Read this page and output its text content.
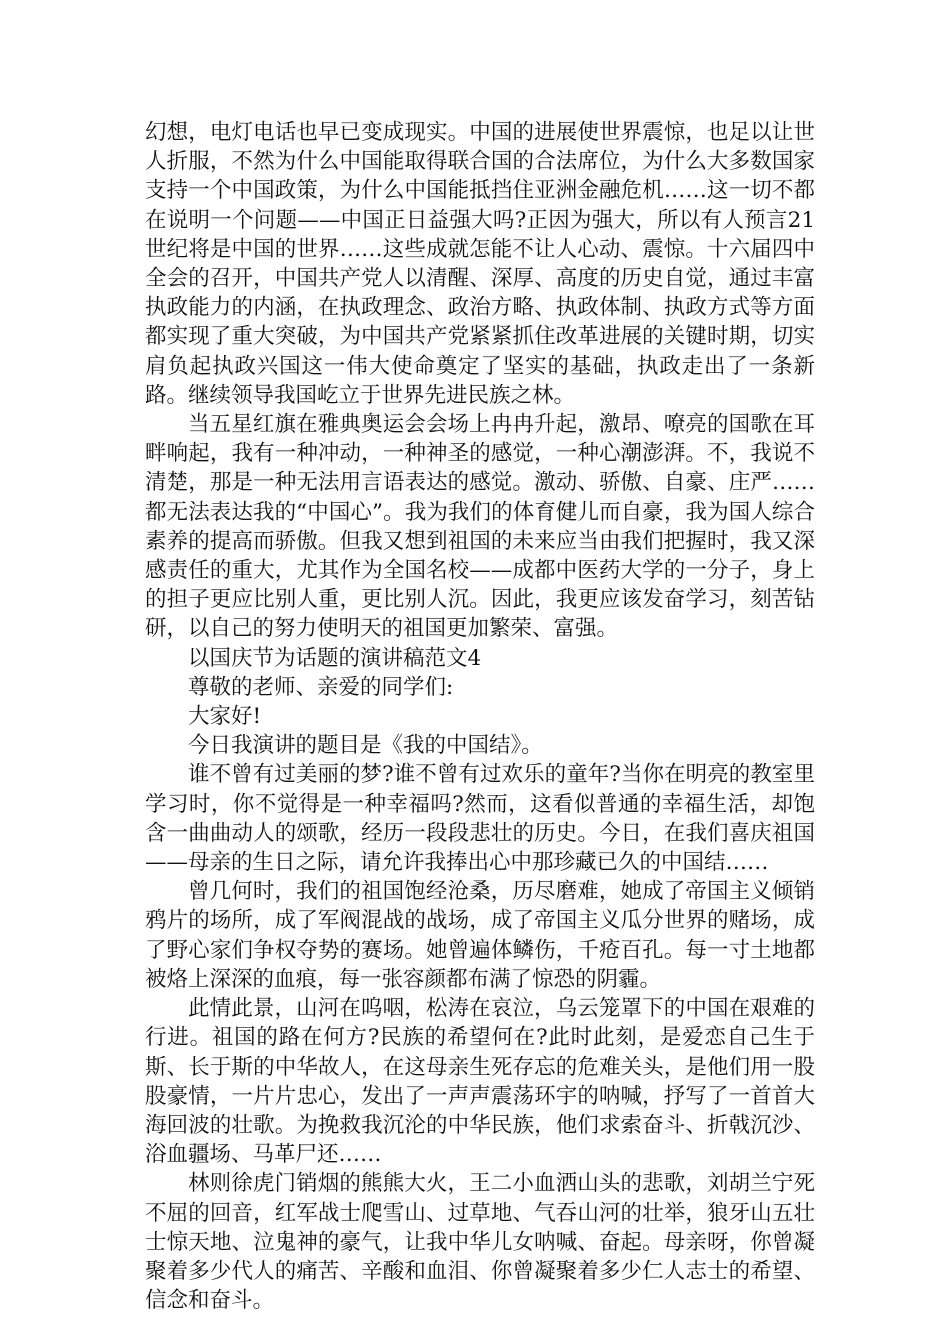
幻想，电灯电话也早已变成现实。中国的进展使世界震惊，也足以让世人折服，不然为什么中国能取得联合国的合法席位，为什么大多数国家支持一个中国政策，为什么中国能抵挡住亚洲金融危机……这一切不都在说明一个问题——中国正日益强大吗?正因为强大，所以有人预言21世纪将是中国的世界……这些成就怎能不让人心动、震惊。十六届四中全会的召开，中国共产党人以清醒、深厚、高度的历史自觉，通过丰富执政能力的内涵，在执政理念、政治方略、执政体制、执政方式等方面都实现了重大突破，为中国共产党紧紧抓住改革进展的关键时期，切实肩负起执政兴国这一伟大使命奠定了坚实的基础，执政走出了一条新路。继续领导我国屹立于世界先进民族之林。

当五星红旗在雅典奥运会会场上冉冉升起，激昂、嘹亮的国歌在耳畔响起，我有一种冲动，一种神圣的感觉，一种心潮澎湃。不，我说不清楚，那是一种无法用言语表达的感觉。激动、骄傲、自豪、庄严……都无法表达我的“中国心”。我为我们的体育健儿而自豪，我为国人综合素养的提高而骄傲。但我又想到祖国的未来应当由我们把握时，我又深感责任的重大，尤其作为全国名校——成都中医药大学的一分子，身上的担子更应比别人重，更比别人沉。因此，我更应该发奋学习，刻苦钻研，以自己的努力使明天的祖国更加繁荣、富强。

以国庆节为话题的演讲稿范文4

尊敬的老师、亲爱的同学们:

大家好!

今日我演讲的题目是《我的中国结》。

谁不曾有过美丽的梦?谁不曾有过欢乐的童年?当你在明亮的教室里学习时，你不觉得是一种幸福吗?然而，这看似普通的幸福生活，却饱含一曲曲动人的颂歌，经历一段段悲壮的历史。今日，在我们喜庆祖国——母亲的生日之际，请允许我捧出心中那珍藏已久的中国结……

曾几何时，我们的祖国饱经沧桑，历尽磨难，她成了帝国主义倾销鸦片的场所，成了军阀混战的战场，成了帝国主义瓜分世界的赌场，成了野心家们争权夺势的赛场。她曾遍体鳞伤，千疮百孔。每一寸土地都被烙上深深的血痕，每一张容颜都布满了惊恐的阴霾。

此情此景，山河在呜咽，松涛在哀泣，乌云笼罩下的中国在艰难的行进。祖国的路在何方?民族的希望何在?此时此刻，是爱恋自己生于斯、长于斯的中华故人，在这母亲生死存忘的危难关头，是他们用一股股豪情，一片片忠心，发出了一声声震荡环宇的呐喊，抒写了一首首大海回波的壮歌。为挽救我沉沦的中华民族，他们求索奋斗、折戟沉沙、浴血疆场、马革尸还……

林则徐虎门销烟的熊熊大火，王二小血洒山头的悲歌，刘胡兰宁死不屈的回音，红军战士爬雪山、过草地、气吞山河的壮举，狼牙山五壮士惊天地、泣鬼神的豪气，让我中华儿女呐喊、奋起。母亲呀，你曾凝聚着多少代人的痛苦、辛酸和血泪、你曾凝聚着多少仁人志士的希望、信念和奋斗。
